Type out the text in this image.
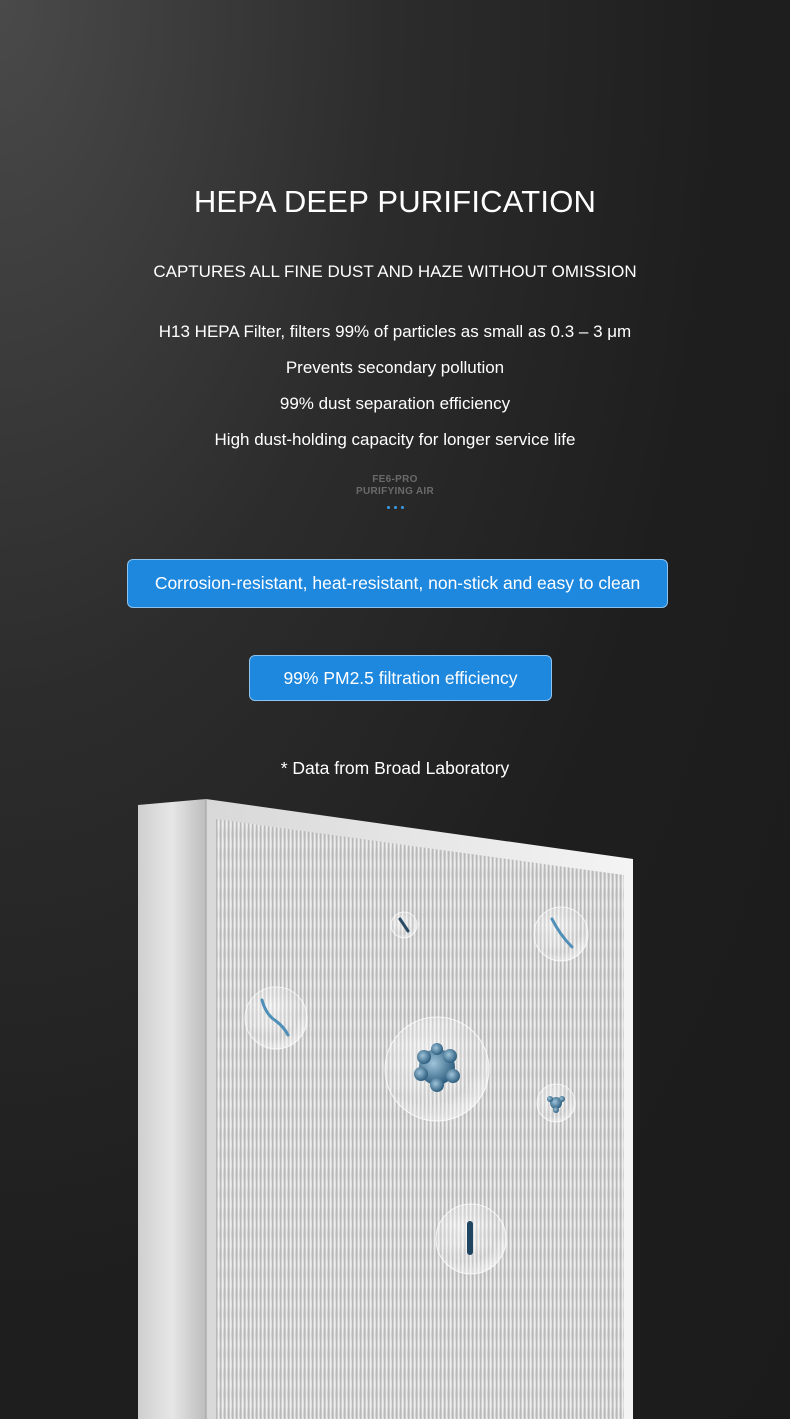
HEPA DEEP PURIFICATION
CAPTURES ALL FINE DUST AND HAZE WITHOUT OMISSION
H13 HEPA Filter, filters 99% of particles as small as 0.3 – 3 μm
Prevents secondary pollution
99% dust separation efficiency
High dust-holding capacity for longer service life
FE6-PRO
PURIFYING AIR
Corrosion-resistant, heat-resistant, non-stick and easy to clean
99% PM2.5 filtration efficiency
* Data from Broad Laboratory
